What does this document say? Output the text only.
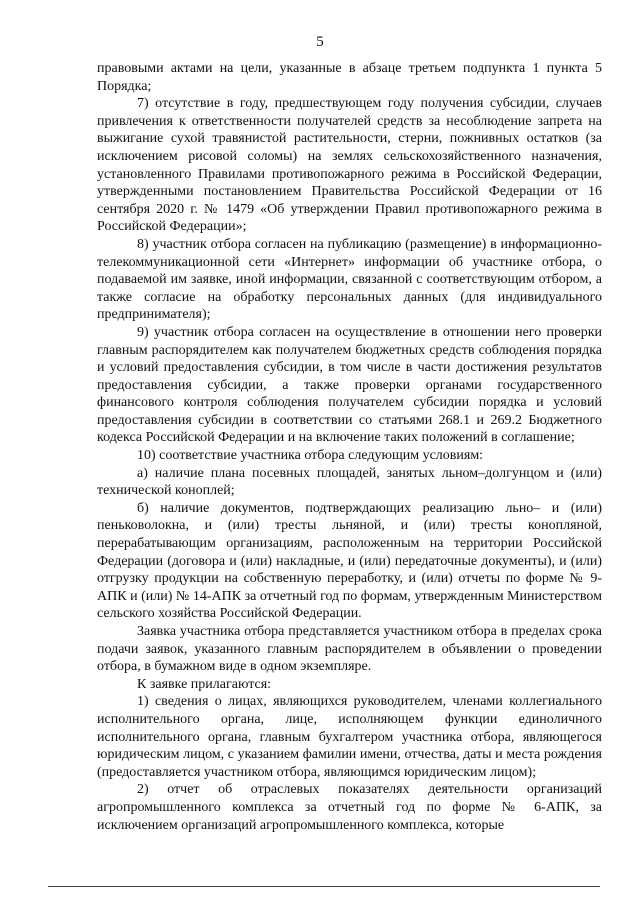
5

правовыми актами на цели, указанные в абзаце третьем подпункта 1 пункта 5 Порядка;

7) отсутствие в году, предшествующем году получения субсидии, случаев привлечения к ответственности получателей средств за несоблюдение запрета на выжигание сухой травянистой растительности, стерни, пожнивных остатков (за исключением рисовой соломы) на землях сельскохозяйственного назначения, установленного Правилами противопожарного режима в Российской Федерации, утвержденными постановлением Правительства Российской Федерации от 16 сентября 2020 г. № 1479 «Об утверждении Правил противопожарного режима в Российской Федерации»;

8) участник отбора согласен на публикацию (размещение) в информационно-телекоммуникационной сети «Интернет» информации об участнике отбора, о подаваемой им заявке, иной информации, связанной с соответствующим отбором, а также согласие на обработку персональных данных (для индивидуального предпринимателя);

9) участник отбора согласен на осуществление в отношении него проверки главным распорядителем как получателем бюджетных средств соблюдения порядка и условий предоставления субсидии, в том числе в части достижения результатов предоставления субсидии, а также проверки органами государственного финансового контроля соблюдения получателем субсидии порядка и условий предоставления субсидии в соответствии со статьями 268.1 и 269.2 Бюджетного кодекса Российской Федерации и на включение таких положений в соглашение;

10) соответствие участника отбора следующим условиям:

а) наличие плана посевных площадей, занятых льном–долгунцом и (или) технической коноплей;

б) наличие документов, подтверждающих реализацию льно– и (или) пеньковолокна, и (или) тресты льняной, и (или) тресты конопляной, перерабатывающим организациям, расположенным на территории Российской Федерации (договора и (или) накладные, и (или) передаточные документы), и (или) отгрузку продукции на собственную переработку, и (или) отчеты по форме № 9-АПК и (или) № 14-АПК за отчетный год по формам, утвержденным Министерством сельского хозяйства Российской Федерации.

Заявка участника отбора представляется участником отбора в пределах срока подачи заявок, указанного главным распорядителем в объявлении о проведении отбора, в бумажном виде в одном экземпляре.

К заявке прилагаются:

1) сведения о лицах, являющихся руководителем, членами коллегиального исполнительного органа, лице, исполняющем функции единоличного исполнительного органа, главным бухгалтером участника отбора, являющегося юридическим лицом, с указанием фамилии имени, отчества, даты и места рождения (предоставляется участником отбора, являющимся юридическим лицом);

2) отчет об отраслевых показателях деятельности организаций агропромышленного комплекса за отчетный год по форме № 6-АПК, за исключением организаций агропромышленного комплекса, которые
